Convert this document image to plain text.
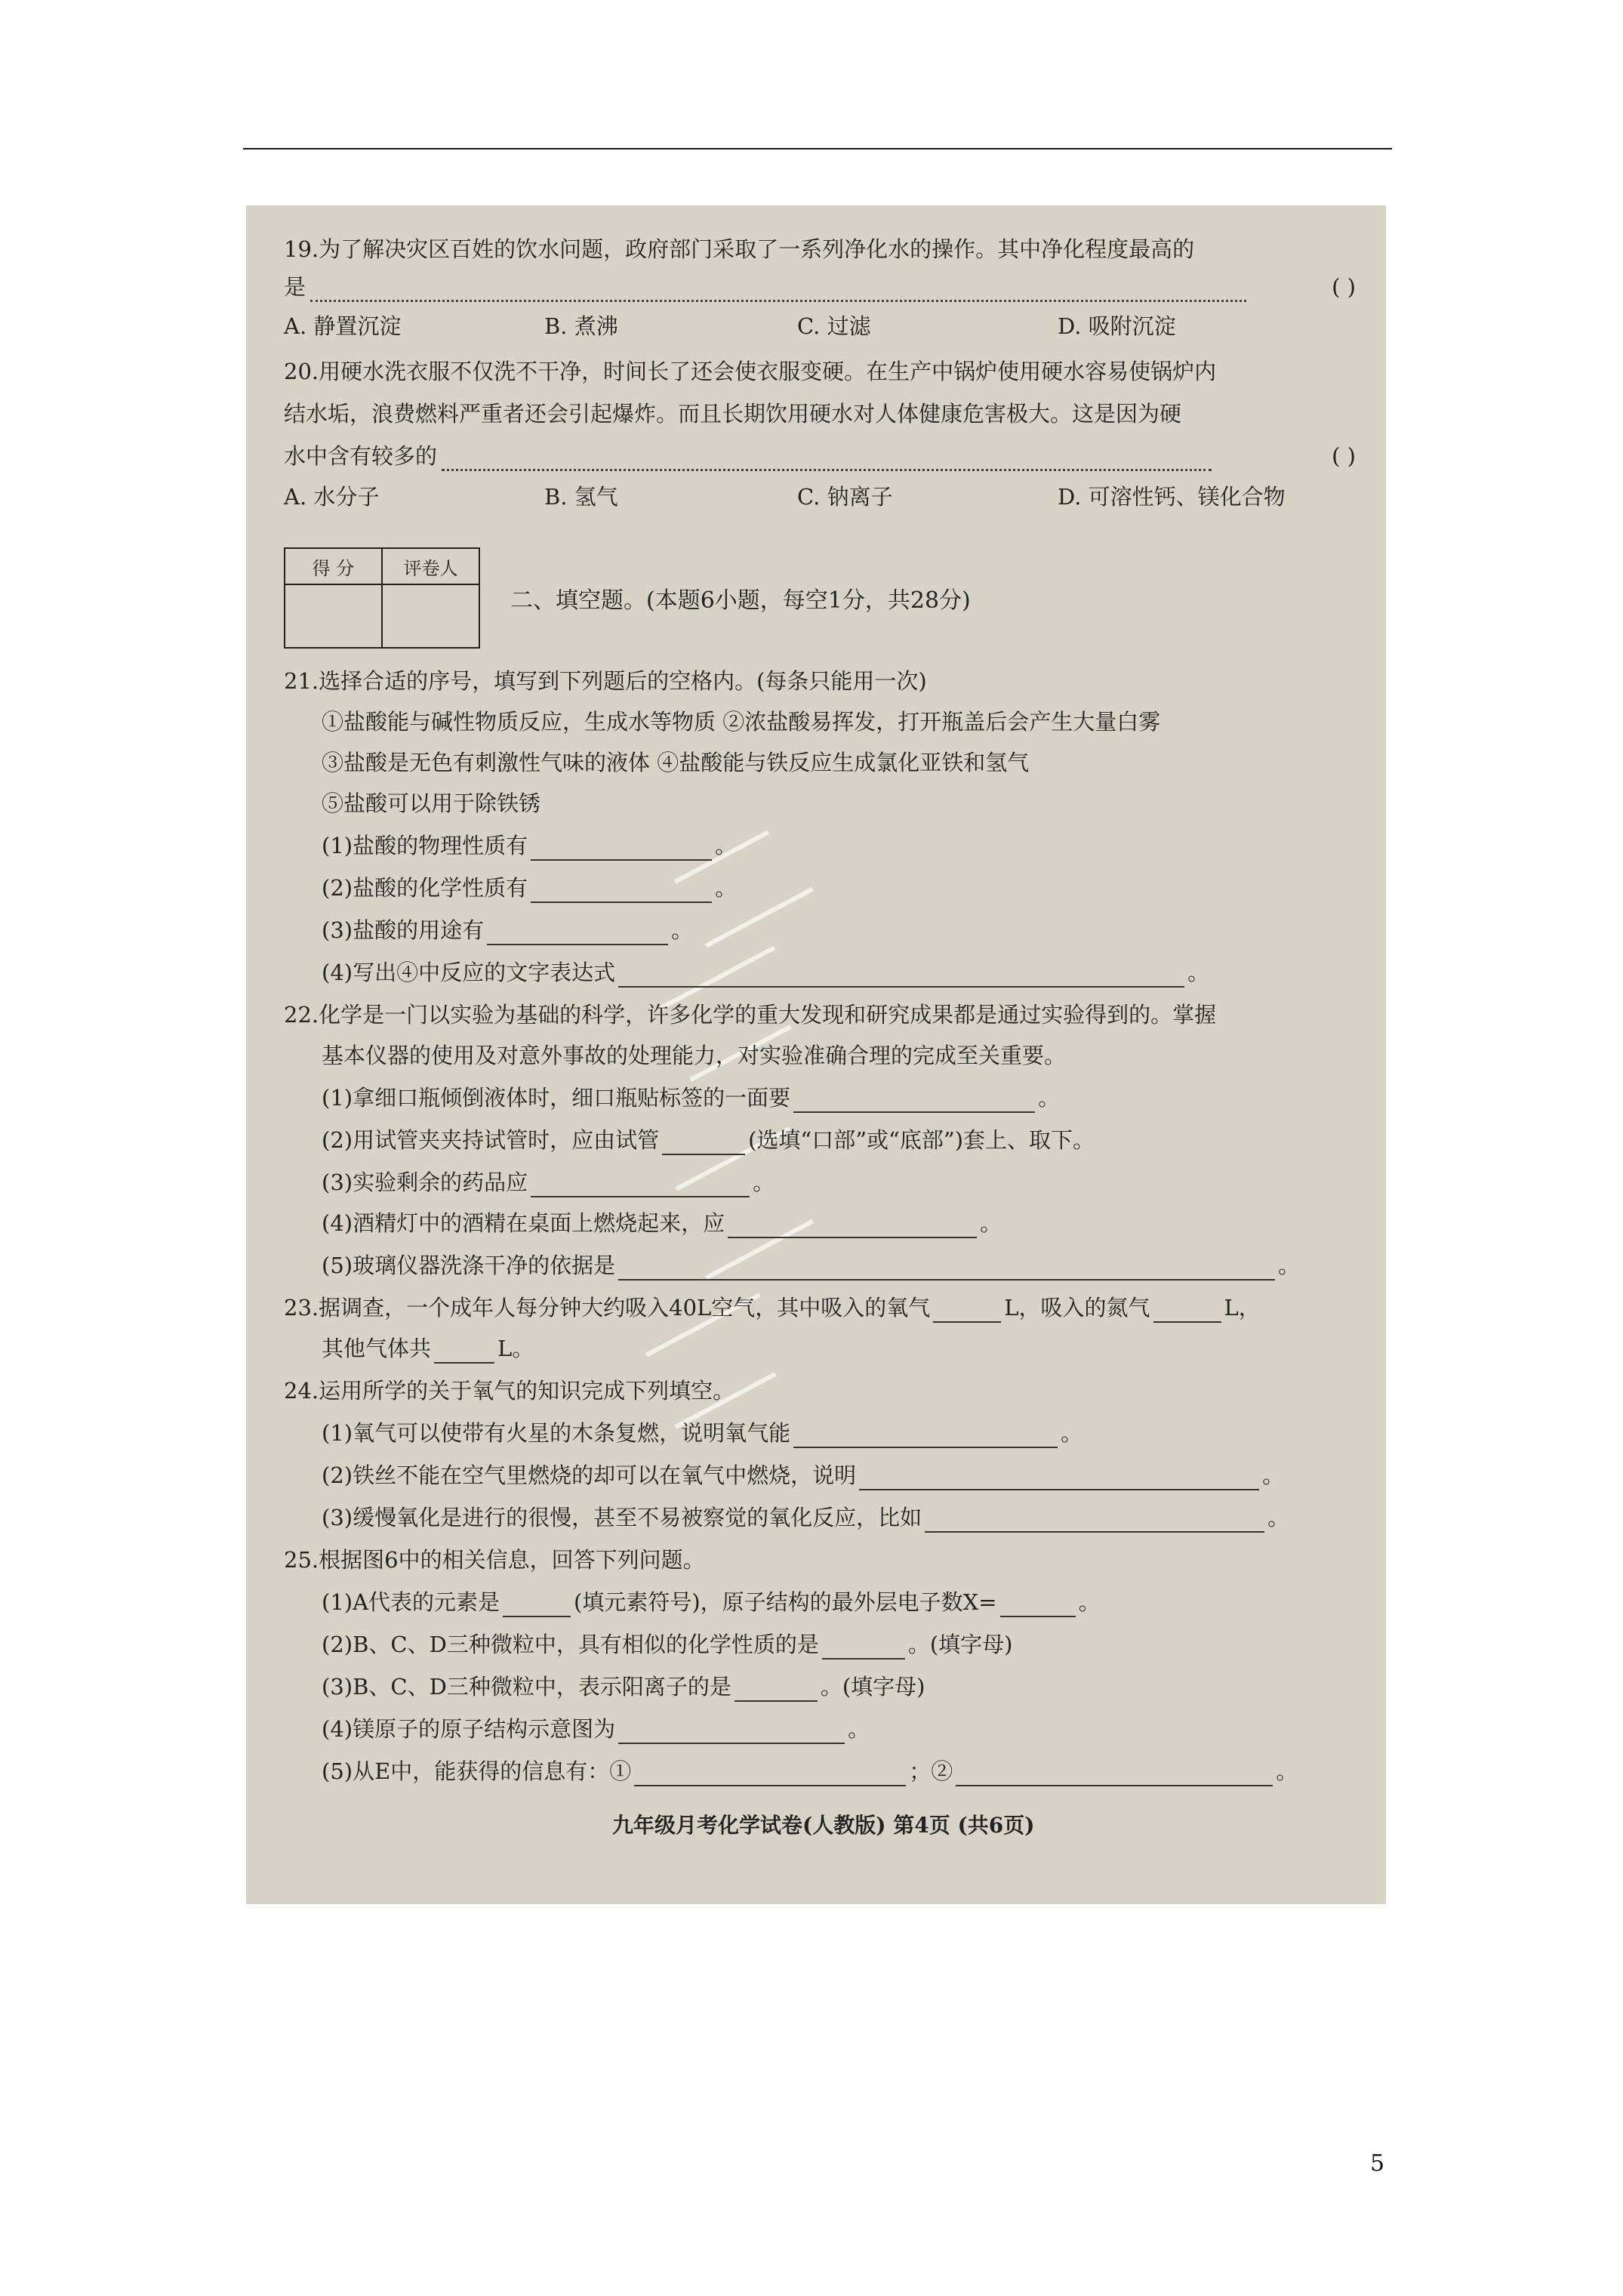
19.为了解决灾区百姓的饮水问题，政府部门采取了一系列净化水的操作。其中净化程度最高的
是	( )
A. 静置沉淀	B. 煮沸	C. 过滤	D. 吸附沉淀
20.用硬水洗衣服不仅洗不干净，时间长了还会使衣服变硬。在生产中锅炉使用硬水容易使锅炉内
结水垢，浪费燃料严重者还会引起爆炸。而且长期饮用硬水对人体健康危害极大。这是因为硬
水中含有较多的	( )
A. 水分子	B. 氢气	C. 钠离子	D. 可溶性钙、镁化合物
得 分	评卷人

二、填空题。(本题6小题，每空1分，共28分)
21.选择合适的序号，填写到下列题后的空格内。(每条只能用一次)
①盐酸能与碱性物质反应，生成水等物质 ②浓盐酸易挥发，打开瓶盖后会产生大量白雾
③盐酸是无色有刺激性气味的液体 ④盐酸能与铁反应生成氯化亚铁和氢气
⑤盐酸可以用于除铁锈
(1)盐酸的物理性质有	。
(2)盐酸的化学性质有	。
(3)盐酸的用途有	。
(4)写出④中反应的文字表达式	。
22.化学是一门以实验为基础的科学，许多化学的重大发现和研究成果都是通过实验得到的。掌握
基本仪器的使用及对意外事故的处理能力，对实验准确合理的完成至关重要。
(1)拿细口瓶倾倒液体时，细口瓶贴标签的一面要	。
(2)用试管夹夹持试管时，应由试管	(选填“口部”或“底部”)套上、取下。
(3)实验剩余的药品应	。
(4)酒精灯中的酒精在桌面上燃烧起来，应	。
(5)玻璃仪器洗涤干净的依据是	。
23.据调查，一个成年人每分钟大约吸入40L空气，其中吸入的氧气	L，吸入的氮气	L，
其他气体共	L。
24.运用所学的关于氧气的知识完成下列填空。
(1)氧气可以使带有火星的木条复燃，说明氧气能	。
(2)铁丝不能在空气里燃烧的却可以在氧气中燃烧，说明	。
(3)缓慢氧化是进行的很慢，甚至不易被察觉的氧化反应，比如	。
25.根据图6中的相关信息，回答下列问题。
(1)A代表的元素是	(填元素符号)，原子结构的最外层电子数X=	。
(2)B、C、D三种微粒中，具有相似的化学性质的是	。(填字母)
(3)B、C、D三种微粒中，表示阳离子的是	。(填字母)
(4)镁原子的原子结构示意图为	。
(5)从E中，能获得的信息有：①	；②	。
九年级月考化学试卷(人教版) 第4页 (共6页)
5
